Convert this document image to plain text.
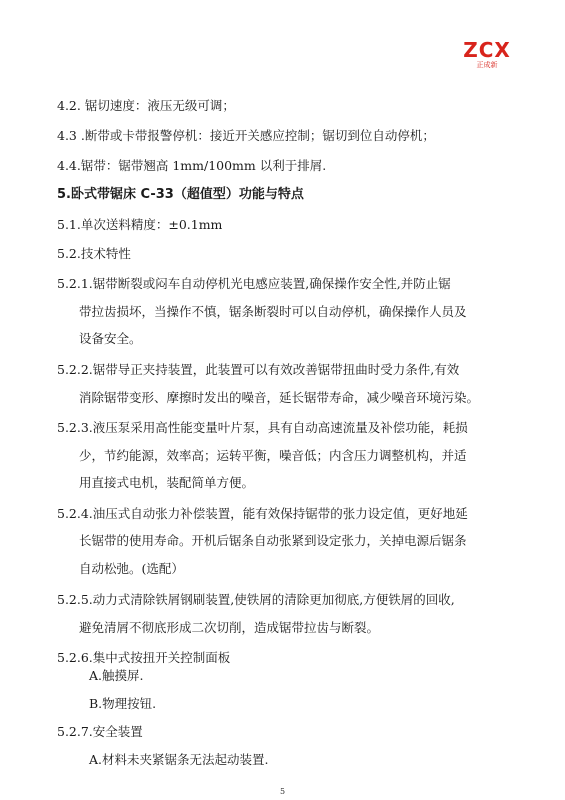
ZCX
正成新
4.2. 锯切速度：液压无级可调；
4.3 .断带或卡带报警停机：接近开关感应控制；锯切到位自动停机；
4.4.锯带：锯带翘高 1mm/100mm 以利于排屑.
5.卧式带锯床 C-33（超值型）功能与特点
5.1.单次送料精度：±0.1mm
5.2.技术特性
5.2.1.锯带断裂或闷车自动停机光电感应装置,确保操作安全性,并防止锯
带拉齿损坏，当操作不慎，锯条断裂时可以自动停机，确保操作人员及
设备安全。
5.2.2.锯带导正夹持装置，此装置可以有效改善锯带扭曲时受力条件,有效
消除锯带变形、摩擦时发出的噪音，延长锯带寿命，减少噪音环境污染。
5.2.3.液压泵采用高性能变量叶片泵，具有自动高速流量及补偿功能，耗损
少，节约能源，效率高；运转平衡，噪音低；内含压力调整机构，并适
用直接式电机，装配简单方便。
5.2.4.油压式自动张力补偿装置，能有效保持锯带的张力设定值，更好地延
长锯带的使用寿命。开机后锯条自动张紧到设定张力，关掉电源后锯条
自动松弛。(选配）
5.2.5.动力式清除铁屑钢刷装置,使铁屑的清除更加彻底,方便铁屑的回收,
避免清屑不彻底形成二次切削，造成锯带拉齿与断裂。
5.2.6.集中式按扭开关控制面板
A.触摸屏.
B.物理按钮.
5.2.7.安全装置
A.材料未夹紧锯条无法起动装置.
5
